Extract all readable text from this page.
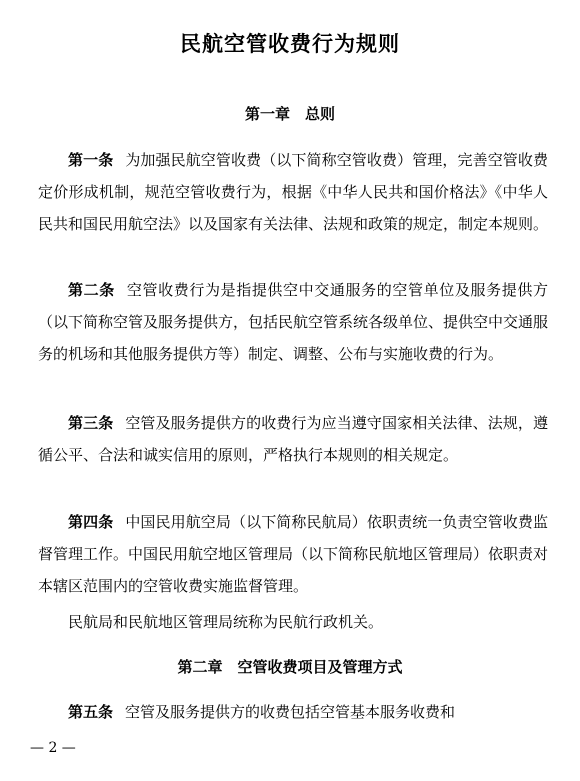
民航空管收费行为规则
第一章　总则
第一条 为加强民航空管收费（以下简称空管收费）管理，完善空管收费定价形成机制，规范空管收费行为，根据《中华人民共和国价格法》《中华人民共和国民用航空法》以及国家有关法律、法规和政策的规定，制定本规则。
第二条 空管收费行为是指提供空中交通服务的空管单位及服务提供方（以下简称空管及服务提供方，包括民航空管系统各级单位、提供空中交通服务的机场和其他服务提供方等）制定、调整、公布与实施收费的行为。
第三条 空管及服务提供方的收费行为应当遵守国家相关法律、法规，遵循公平、合法和诚实信用的原则，严格执行本规则的相关规定。
第四条 中国民用航空局（以下简称民航局）依职责统一负责空管收费监督管理工作。中国民用航空地区管理局（以下简称民航地区管理局）依职责对本辖区范围内的空管收费实施监督管理。
民航局和民航地区管理局统称为民航行政机关。
第二章　空管收费项目及管理方式
第五条 空管及服务提供方的收费包括空管基本服务收费和
— 2 —
